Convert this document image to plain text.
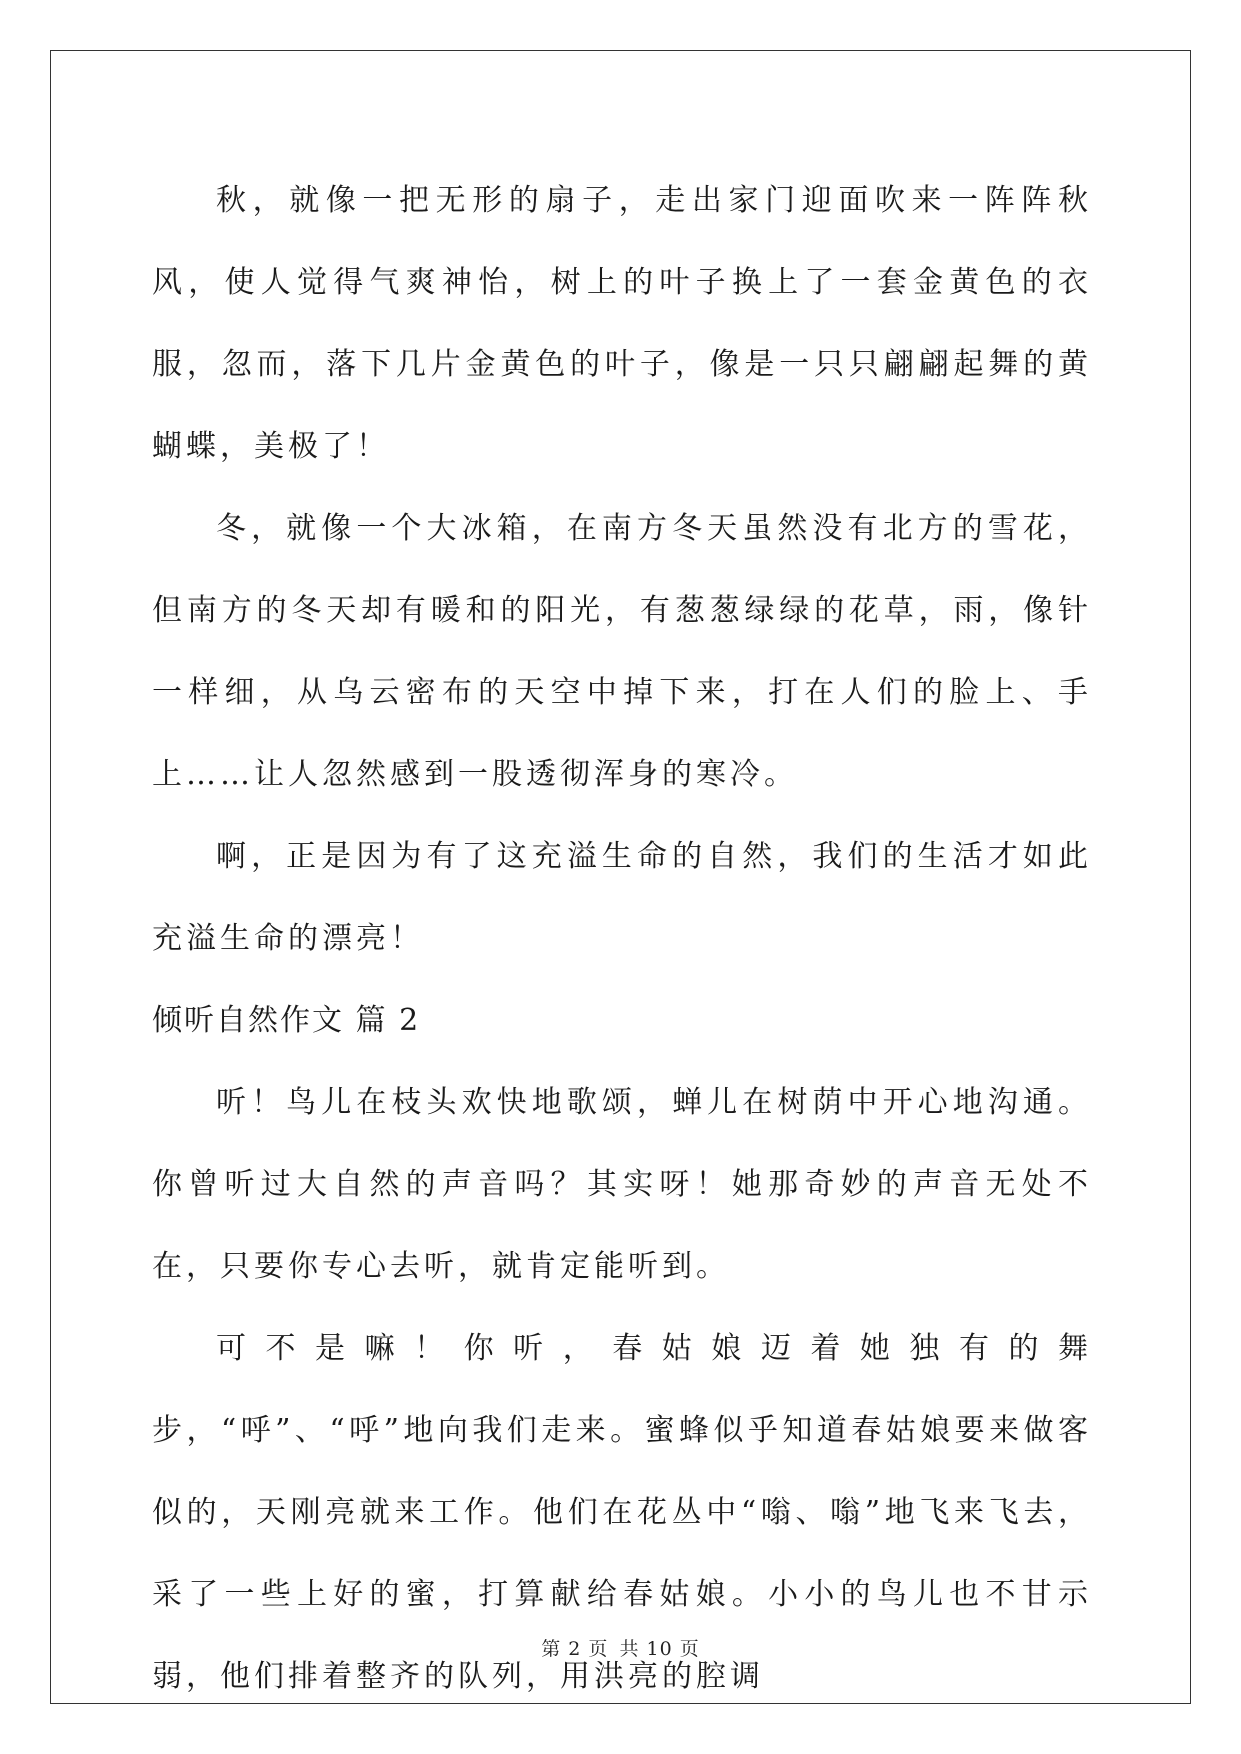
秋，就像一把无形的扇子，走出家门迎面吹来一阵阵秋风，使人觉得气爽神怡，树上的叶子换上了一套金黄色的衣服，忽而，落下几片金黄色的叶子，像是一只只翩翩起舞的黄蝴蝶，美极了！

冬，就像一个大冰箱，在南方冬天虽然没有北方的雪花，但南方的冬天却有暖和的阳光，有葱葱绿绿的花草，雨，像针一样细，从乌云密布的天空中掉下来，打在人们的脸上、手上……让人忽然感到一股透彻浑身的寒冷。

啊，正是因为有了这充溢生命的自然，我们的生活才如此充溢生命的漂亮！

倾听自然作文 篇 2

听！鸟儿在枝头欢快地歌颂，蝉儿在树荫中开心地沟通。你曾听过大自然的声音吗？其实呀！她那奇妙的声音无处不在，只要你专心去听，就肯定能听到。

可不是嘛！你听，春姑娘迈着她独有的舞步，“呼”、“呼”地向我们走来。蜜蜂似乎知道春姑娘要来做客似的，天刚亮就来工作。他们在花丛中“嗡、嗡”地飞来飞去，采了一些上好的蜜，打算献给春姑娘。小小的鸟儿也不甘示弱，他们排着整齐的队列，用洪亮的腔调

第 2 页 共 10 页
